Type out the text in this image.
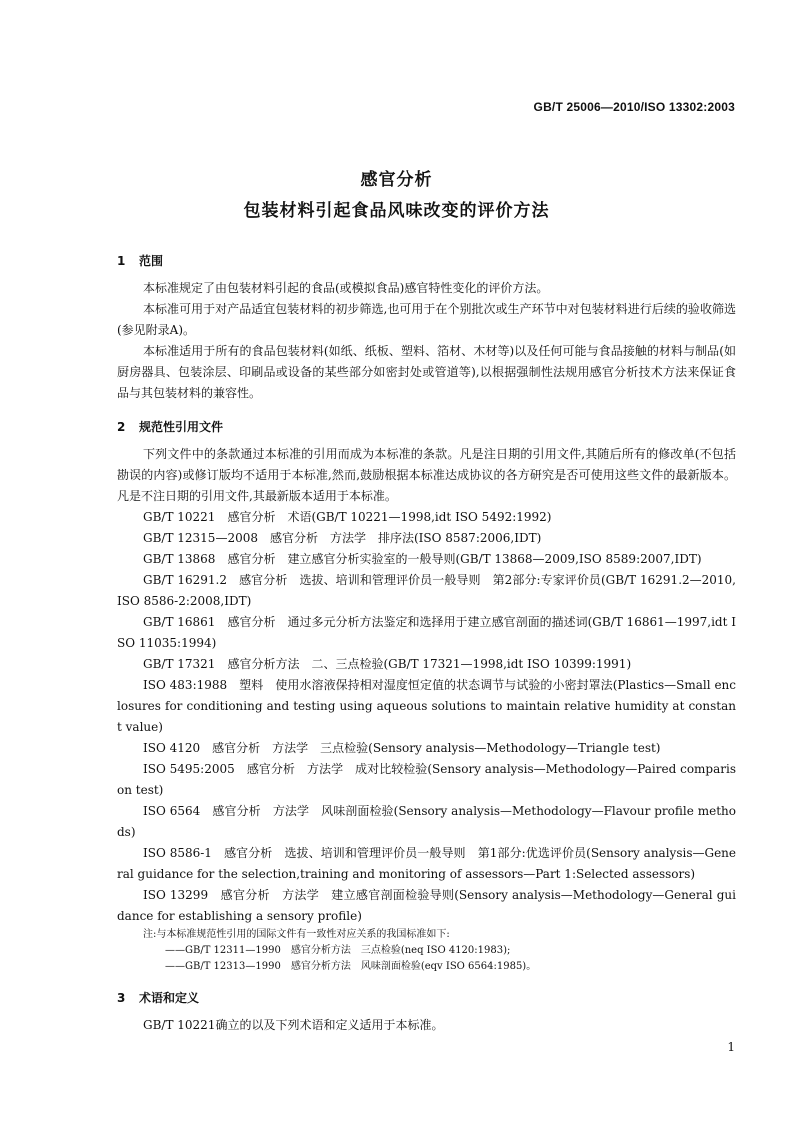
GB/T 25006—2010/ISO 13302:2003
感官分析
包装材料引起食品风味改变的评价方法
1 范围

本标准规定了由包装材料引起的食品(或模拟食品)感官特性变化的评价方法。

本标准可用于对产品适宜包装材料的初步筛选,也可用于在个别批次或生产环节中对包装材料进行后续的验收筛选(参见附录A)。

本标准适用于所有的食品包装材料(如纸、纸板、塑料、箔材、木材等)以及任何可能与食品接触的材料与制品(如厨房器具、包装涂层、印刷品或设备的某些部分如密封处或管道等),以根据强制性法规用感官分析技术方法来保证食品与其包装材料的兼容性。

2 规范性引用文件

下列文件中的条款通过本标准的引用而成为本标准的条款。凡是注日期的引用文件,其随后所有的修改单(不包括勘误的内容)或修订版均不适用于本标准,然而,鼓励根据本标准达成协议的各方研究是否可使用这些文件的最新版本。凡是不注日期的引用文件,其最新版本适用于本标准。

GB/T 10221　感官分析　术语(GB/T 10221—1998,idt ISO 5492:1992)

GB/T 12315—2008　感官分析　方法学　排序法(ISO 8587:2006,IDT)

GB/T 13868　感官分析　建立感官分析实验室的一般导则(GB/T 13868—2009,ISO 8589:2007,IDT)

GB/T 16291.2　感官分析　选拔、培训和管理评价员一般导则　第2部分:专家评价员(GB/T 16291.2—2010,ISO 8586-2:2008,IDT)

GB/T 16861　感官分析　通过多元分析方法鉴定和选择用于建立感官剖面的描述词(GB/T 16861—1997,idt ISO 11035:1994)

GB/T 17321　感官分析方法　二、三点检验(GB/T 17321—1998,idt ISO 10399:1991)

ISO 483:1988　塑料　使用水溶液保持相对湿度恒定值的状态调节与试验的小密封罩法(Plastics—Small enclosures for conditioning and testing using aqueous solutions to maintain relative humidity at constant value)

ISO 4120　感官分析　方法学　三点检验(Sensory analysis—Methodology—Triangle test)

ISO 5495:2005　感官分析　方法学　成对比较检验(Sensory analysis—Methodology—Paired comparison test)

ISO 6564　感官分析　方法学　风味剖面检验(Sensory analysis—Methodology—Flavour profile methods)

ISO 8586-1　感官分析　选拔、培训和管理评价员一般导则　第1部分:优选评价员(Sensory analysis—General guidance for the selection,training and monitoring of assessors—Part 1:Selected assessors)

ISO 13299　感官分析　方法学　建立感官剖面检验导则(Sensory analysis—Methodology—General guidance for establishing a sensory profile)

注:与本标准规范性引用的国际文件有一致性对应关系的我国标准如下:

——GB/T 12311—1990　感官分析方法　三点检验(neq ISO 4120:1983);

——GB/T 12313—1990　感官分析方法　风味剖面检验(eqv ISO 6564:1985)。

3 术语和定义

GB/T 10221确立的以及下列术语和定义适用于本标准。

1
